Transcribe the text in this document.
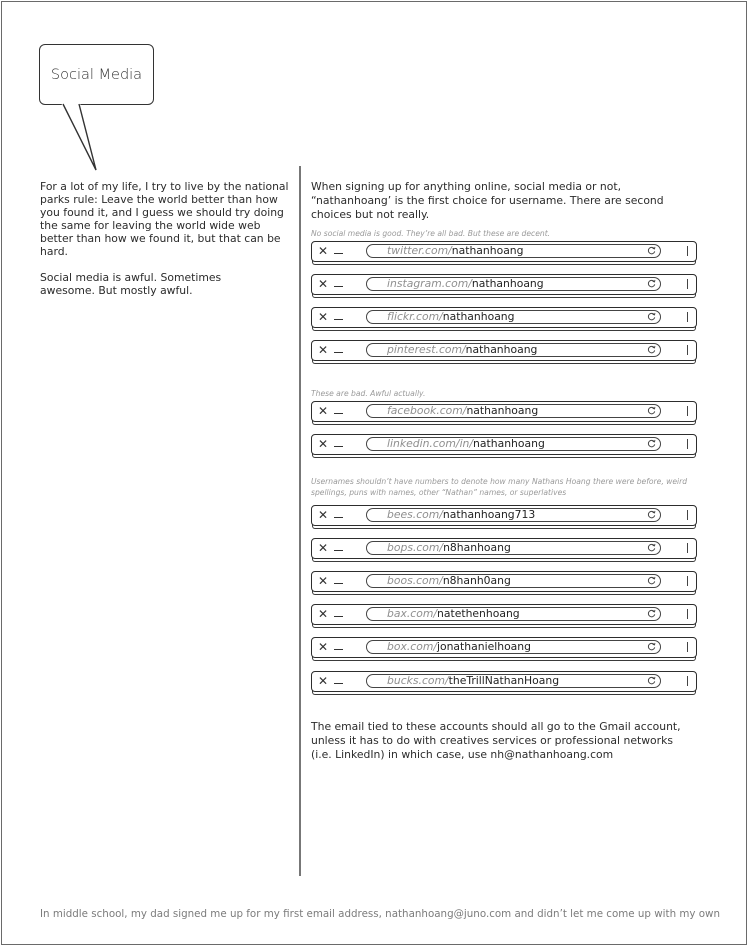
Social Media

For a lot of my life, I try to live by the national parks rule: Leave the world better than how you found it, and I guess we should try doing the same for leaving the world wide web better than how we found it, but that can be hard.

Social media is awful. Sometimes awesome. But mostly awful.

When signing up for anything online, social media or not, “nathanhoang’ is the first choice for username. There are second choices but not really.

No social media is good. They’re all bad. But these are decent.
✕	twitter.com/nathanhoang
✕	instagram.com/nathanhoang
✕	flickr.com/nathanhoang
✕	pinterest.com/nathanhoang
These are bad. Awful actually.
✕	facebook.com/nathanhoang
✕	linkedin.com/in/nathanhoang
Usernames shouldn’t have numbers to denote how many Nathans Hoang there were before, weird spellings, puns with names, other “Nathan” names, or superlatives
✕	bees.com/nathanhoang713
✕	bops.com/n8hanhoang
✕	boos.com/n8hanh0ang
✕	bax.com/natethenhoang
✕	box.com/jonathanielhoang
✕	bucks.com/theTrillNathanHoang

The email tied to these accounts should all go to the Gmail account, unless it has to do with creatives services or professional networks (i.e. LinkedIn) in which case, use nh@nathanhoang.com

In middle school, my dad signed me up for my first email address, nathanhoang@juno.com and didn’t let me come up with my own
